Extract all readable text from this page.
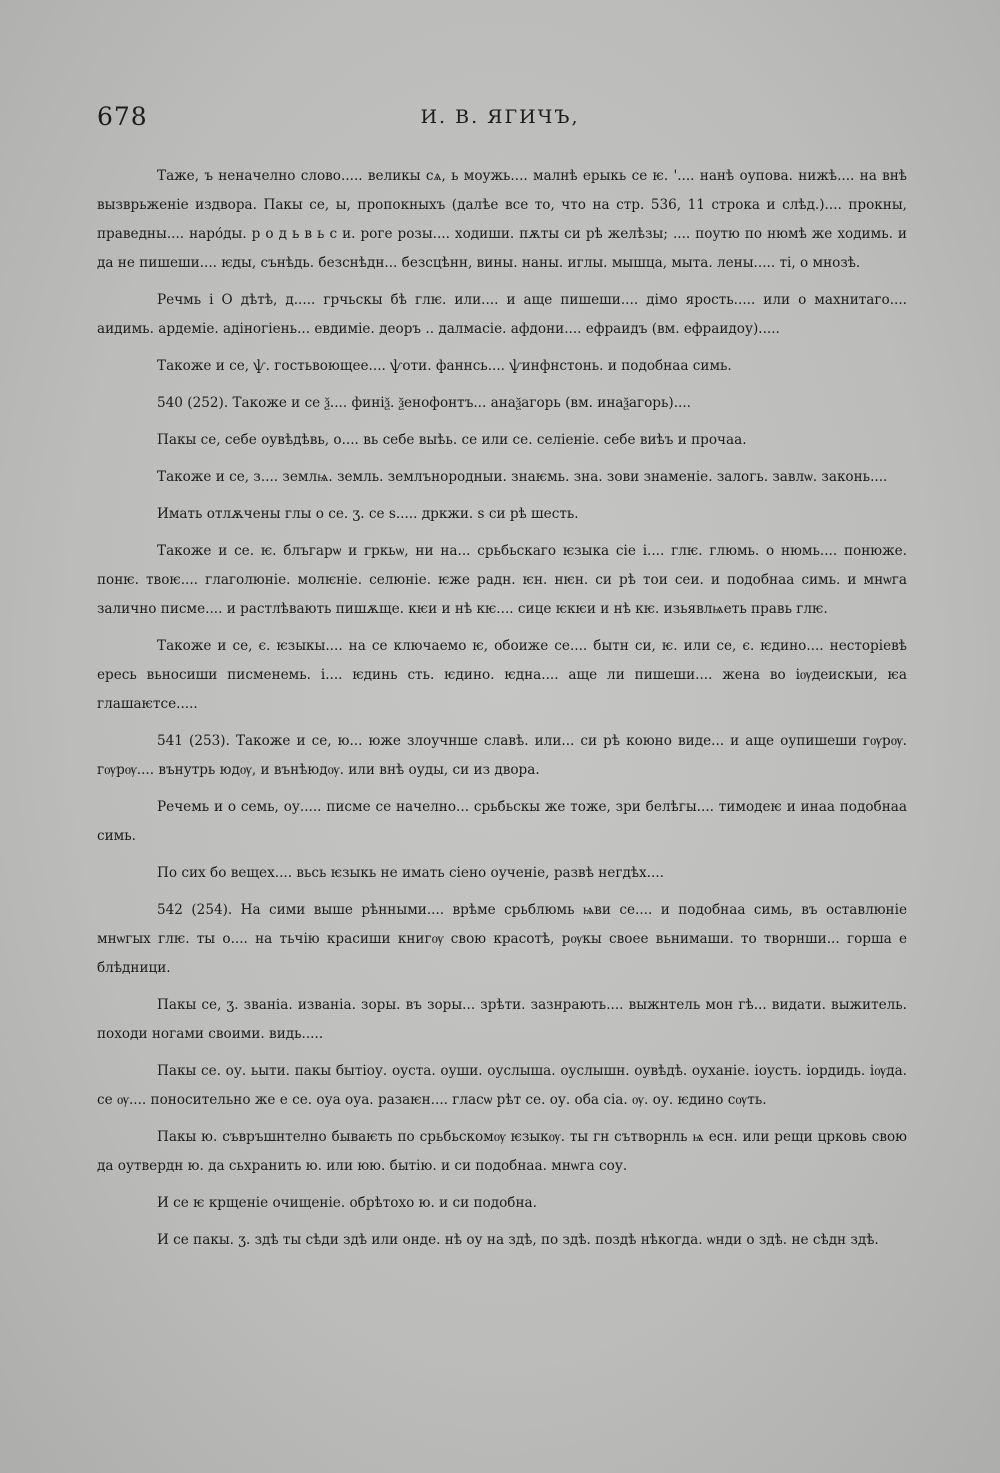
678	И. В. ЯГИЧЪ,

Таже, ъ неначелно слово..... великы сѧ, ь моужь.... малнѣ ерыкь се ѥ. '.... нанѣ оупова. нижѣ.... на внѣ вызврьженiе издвора. Пакы се, ы, пропокныхъ (далѣе все то, что на стр. 536, 11 строка и слѣд.).... прокны, праведны.... наро́ды. р о д ь в ь с и. роге розы.... ходиши. пѫты си рѣ желѣзы; .... поутю по нюмѣ же ходимь. и да не пишеши.... ѥды, сънѣдь. безснѣдн... безсцѣнн, вины. наны. иглы. мышца, мыта. лены..... тi, о мнозѣ.

Речмь i О дѣтѣ, д..... грчьскы бѣ глѥ. или.... и аще пишеши.... дiмо ярость..... или о махнитаго.... аидимь. ардемiе. адiногiень... евдимiе. деоръ .. далмасiе. афдони.... ефраидъ (вм. ефраидоу).....

Такоже и се, ѱ. гостьвоющее.... ѱоти. фаннсь.... ѱинфнстонь. и подобнаа симь.

540 (252). Такоже и се ѯ.... финiѯ. ѯенофонтъ... анаѯагорь (вм. инаѯагорь)....

Пакы се, себе оувѣдѣвь, о.... вь себе выѣь. се или се. селiенiе. себе виѣъ и прочаа.

Такоже и се, з.... землѩ. земль. землънородныи. знаѥмь. зна. зови знаменiе. залогь. завлѡ. законь....

Имать отлѫчены глы о се. ӡ. се ѕ..... дркжи. ѕ си рѣ шесть.

Такоже и се. ѥ. блъгарѡ и гркьѡ, ни на... срьбьскаго ѥзыка сiе i.... глѥ. глюмь. о нюмь.... понюже. понѥ. твоѥ.... глаголюнiе. молѥнiе. селюнiе. ѥже радн. ѥн. нѥн. си рѣ тои сеи. и подобнаа симь. и мнѡга залично писме.... и растлѣвають пишѫще. кѥи и нѣ кѥ.... сице ѥкѥи и нѣ кѥ. изьявлѩеть правь глѥ.

Такоже и се, є. ѥзыкы.... на се ключаемо ѥ, обоиже се.... бытн си, ѥ. или се, є. ѥдино.... несторiевѣ ересь вьносиши писменемь. i.... ѥдинь сть. ѥдино. ѥдна.... аще ли пишеши.... жена во iѹдеискыи, ѥа глашаѥтсе.....

541 (253). Такоже и се, ю... юже злоучнше славѣ. или... си рѣ коюно виде... и аще оупишеши гѹрѹ. гѹрѹ.... вънутрь юдѹ, и вънѣюдѹ. или внѣ оуды, си из двора.

Речемь и о семь, оу..... писме се начелно... срьбьскы же тоже, зри белѣгы.... тимодеѥ и инаа подобнаа симь.

По сих бо вещех.... вьсь ѥзыкь не имать сiено оученiе, развѣ негдѣх....

542 (254). На сими выше рѣнными.... врѣме срьблюмь ѩви се.... и подобнаа симь, въ оставлюнiе мнѡгых глѥ. ты о.... на тьчiю красиши книгѹ свою красотѣ, рѹкы своее вьнимаши. то творнши... горша е блѣдници.

Пакы се, ӡ. званiа. изванiа. зоры. въ зоры... зрѣти. зазнрають.... выжнтель мон гѣ... видати. выжитель. походи ногами своими. видь.....

Пакы се. оу. ьыти. пакы бытiоу. оуста. оуши. оуслыша. оуслышн. оувѣдѣ. оуханiе. iоусть. iордидь. iѹда. се ѹ.... поносительно же е се. оуа оуа. разаѥн.... гласѡ рѣт се. оу. оба сiа. ѹ. оу. ѥдино сѹть.

Пакы ю. съвръшнтелно бываѥть по срьбьскомѹ ѥзыкѹ. ты гн сътворнль ѩ есн. или рещи црковь свою да оутвердн ю. да сьхранить ю. или юю. бытiю. и си подобнаа. мнѡга соу.

И се ѥ крщенiе очищенiе. обрѣтохо ю. и си подобна.

И се пакы. ӡ. здѣ ты сѣди здѣ или онде. нѣ оу на здѣ, по здѣ. поздѣ нѣкогда. ѡнди о здѣ. не сѣдн здѣ.
